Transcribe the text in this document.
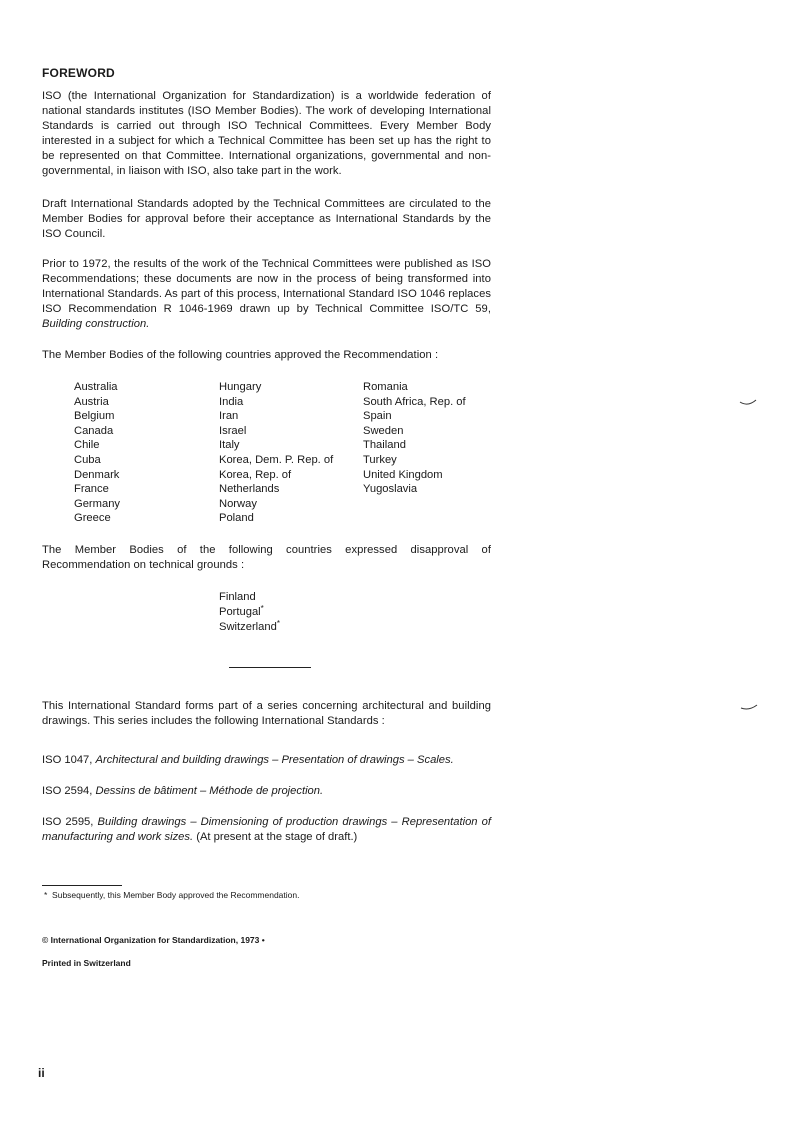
FOREWORD
ISO (the International Organization for Standardization) is a worldwide federation of national standards institutes (ISO Member Bodies). The work of developing International Standards is carried out through ISO Technical Committees. Every Member Body interested in a subject for which a Technical Committee has been set up has the right to be represented on that Committee. International organizations, governmental and non-governmental, in liaison with ISO, also take part in the work.
Draft International Standards adopted by the Technical Committees are circulated to the Member Bodies for approval before their acceptance as International Standards by the ISO Council.
Prior to 1972, the results of the work of the Technical Committees were published as ISO Recommendations; these documents are now in the process of being transformed into International Standards. As part of this process, International Standard ISO 1046 replaces ISO Recommendation R 1046-1969 drawn up by Technical Committee ISO/TC 59, Building construction.
The Member Bodies of the following countries approved the Recommendation :
Australia
Austria
Belgium
Canada
Chile
Cuba
Denmark
France
Germany
Greece
Hungary
India
Iran
Israel
Italy
Korea, Dem. P. Rep. of
Korea, Rep. of
Netherlands
Norway
Poland
Romania
South Africa, Rep. of
Spain
Sweden
Thailand
Turkey
United Kingdom
Yugoslavia
The Member Bodies of the following countries expressed disapproval of Recommendation on technical grounds :
Finland
Portugal*
Switzerland*
This International Standard forms part of a series concerning architectural and building drawings. This series includes the following International Standards :
ISO 1047, Architectural and building drawings – Presentation of drawings – Scales.
ISO 2594, Dessins de bâtiment – Méthode de projection.
ISO 2595, Building drawings – Dimensioning of production drawings – Representation of manufacturing and work sizes. (At present at the stage of draft.)
* Subsequently, this Member Body approved the Recommendation.
© International Organization for Standardization, 1973 •
Printed in Switzerland
ii
